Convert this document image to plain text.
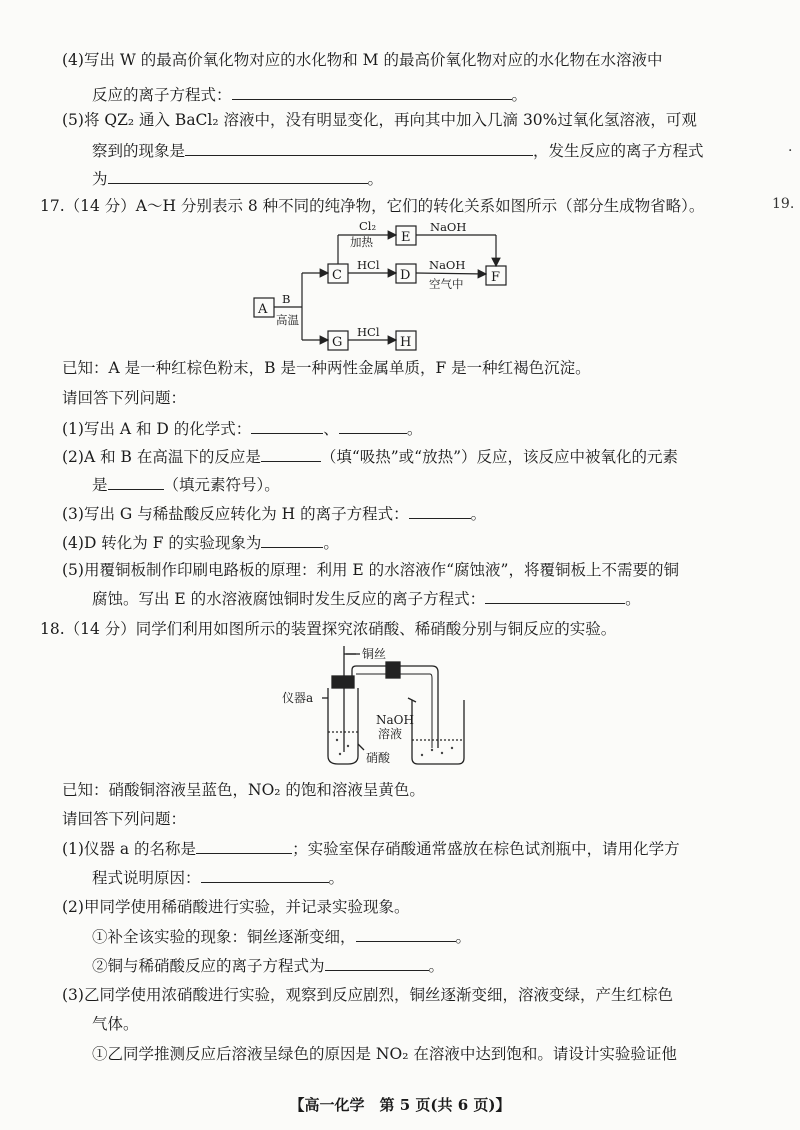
(4)写出 W 的最高价氧化物对应的水化物和 M 的最高价氧化物对应的水化物在水溶液中
反应的离子方程式：	。
(5)将 QZ₂ 通入 BaCl₂ 溶液中，没有明显变化，再向其中加入几滴 30%过氧化氢溶液，可观
察到的现象是	，发生反应的离子方程式
为	。
·
19.
17.（14 分）A～H 分别表示 8 种不同的纯净物，它们的转化关系如图所示（部分生成物省略）。
A
C
E
D	F
G	H
B
高温
Cl₂
加热
NaOH
HCl	NaOH
空气中
HCl
已知：A 是一种红棕色粉末，B 是一种两性金属单质，F 是一种红褐色沉淀。
请回答下列问题：
(1)写出 A 和 D 的化学式：	、	。
(2)A 和 B 在高温下的反应是	（填“吸热”或“放热”）反应，该反应中被氧化的元素
是	（填元素符号）。
(3)写出 G 与稀盐酸反应转化为 H 的离子方程式：	。
(4)D 转化为 F 的实验现象为	。
(5)用覆铜板制作印刷电路板的原理：利用 E 的水溶液作“腐蚀液”，将覆铜板上不需要的铜
腐蚀。写出 E 的水溶液腐蚀铜时发生反应的离子方程式：	。
18.（14 分）同学们利用如图所示的装置探究浓硝酸、稀硝酸分别与铜反应的实验。
铜丝
仪器a
NaOH
溶液
硝酸
已知：硝酸铜溶液呈蓝色，NO₂ 的饱和溶液呈黄色。
请回答下列问题：
(1)仪器 a 的名称是	；实验室保存硝酸通常盛放在棕色试剂瓶中，请用化学方
程式说明原因：	。
(2)甲同学使用稀硝酸进行实验，并记录实验现象。
①补全该实验的现象：铜丝逐渐变细，	。
②铜与稀硝酸反应的离子方程式为	。
(3)乙同学使用浓硝酸进行实验，观察到反应剧烈，铜丝逐渐变细，溶液变绿，产生红棕色
气体。
①乙同学推测反应后溶液呈绿色的原因是 NO₂ 在溶液中达到饱和。请设计实验验证他
【高一化学　第 5 页(共 6 页)】
